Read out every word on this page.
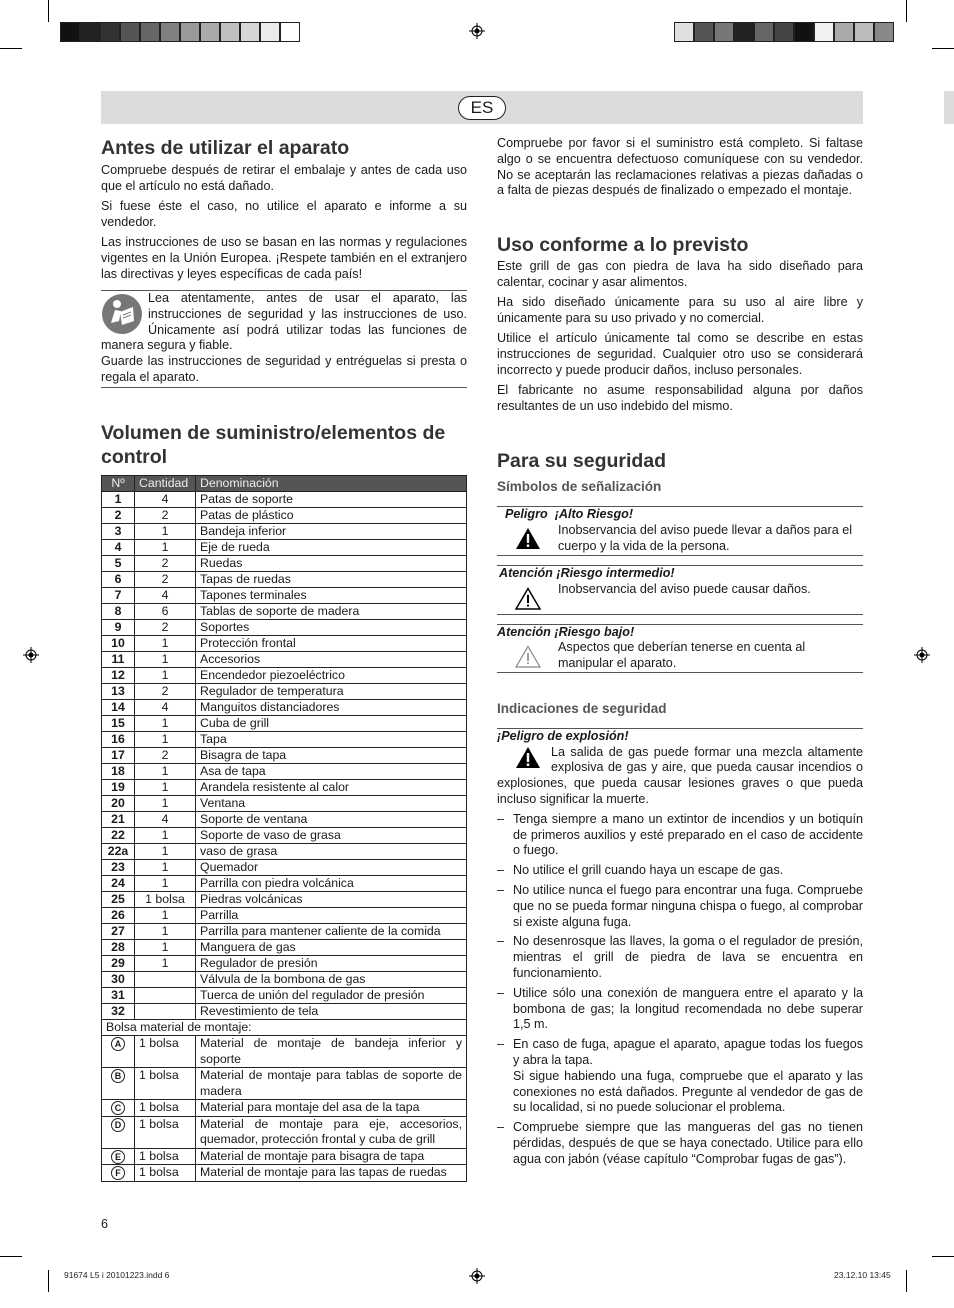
ES
Antes de utilizar el aparato

Compruebe después de retirar el embalaje y antes de cada uso que el artículo no está dañado.

Si fuese éste el caso, no utilice el aparato e informe a su vendedor.

Las instrucciones de uso se basan en las normas y regulaciones vigentes en la Unión Europea. ¡Respete también en el extranjero las directivas y leyes específicas de cada país!

Lea atentamente, antes de usar el aparato, las instrucciones de seguridad y las instrucciones de uso. Únicamente así podrá utilizar todas las funciones de manera segura y fiable.
Guarde las instrucciones de seguridad y entréguelas si presta o regala el aparato.
Volumen de suministro/elementos de control
Nº	Cantidad	Denominación
1	4	Patas de soporte
2	2	Patas de plástico
3	1	Bandeja inferior
4	1	Eje de rueda
5	2	Ruedas
6	2	Tapas de ruedas
7	4	Tapones terminales
8	6	Tablas de soporte de madera
9	2	Soportes
10	1	Protección frontal
11	1	Accesorios
12	1	Encendedor piezoeléctrico
13	2	Regulador de temperatura
14	4	Manguitos distanciadores
15	1	Cuba de grill
16	1	Tapa
17	2	Bisagra de tapa
18	1	Asa de tapa
19	1	Arandela resistente al calor
20	1	Ventana
21	4	Soporte de ventana
22	1	Soporte de vaso de grasa
22a	1	vaso de grasa
23	1	Quemador
24	1	Parrilla con piedra volcánica
25	1 bolsa	Piedras volcánicas
26	1	Parrilla
27	1	Parrilla para mantener caliente de la comida
28	1	Manguera de gas
29	1	Regulador de presión
30		Válvula de la bombona de gas
31		Tuerca de unión del regulador de presión
32		Revestimiento de tela
Bolsa material de montaje:		
A	1 bolsa	Material de montaje de bandeja inferior y soporte
B	1 bolsa	Material de montaje para tablas de soporte de madera
C	1 bolsa	Material para montaje del asa de la tapa
D	1 bolsa	Material de montaje para eje, accesorios, quemador, protección frontal y cuba de grill
E	1 bolsa	Material de montaje para bisagra de tapa
F	1 bolsa	Material de montaje para las tapas de ruedas
6

Compruebe por favor si el suministro está completo. Si faltase algo o se encuentra defectuoso comuníquese con su vendedor. No se aceptarán las reclamaciones relativas a piezas dañadas o a falta de piezas después de finalizado o empezado el montaje.

Uso conforme a lo previsto

Este grill de gas con piedra de lava ha sido diseñado para calentar, cocinar y asar alimentos.

Ha sido diseñado únicamente para su uso al aire libre y únicamente para su uso privado y no comercial.

Utilice el artículo únicamente tal como se describe en estas instrucciones de seguridad. Cualquier otro uso se considerará incorrecto y puede producir daños, incluso personales.

El fabricante no asume responsabilidad alguna por daños resultantes de un uso indebido del mismo.

Para su seguridad
Símbolos de señalización
Peligro ¡Alto Riesgo!
Inobservancia del aviso puede llevar a daños para el cuerpo y la vida de la persona.
Atención ¡Riesgo intermedio!
Inobservancia del aviso puede causar daños.
Atención ¡Riesgo bajo!
Aspectos que deberían tenerse en cuenta al manipular el aparato.
Indicaciones de seguridad
¡Peligro de explosión!
La salida de gas puede formar una mezcla altamente explosiva de gas y aire, que pueda causar incendios o explosiones, que pueda causar lesiones graves o que pueda incluso significar la muerte.
– Tenga siempre a mano un extintor de incendios y un botiquín de primeros auxilios y esté preparado en el caso de accidente o fuego.
– No utilice el grill cuando haya un escape de gas.
– No utilice nunca el fuego para encontrar una fuga. Compruebe que no se pueda formar ninguna chispa o fuego, al comprobar si existe alguna fuga.
– No desenrosque las llaves, la goma o el regulador de presión, mientras el grill de piedra de lava se encuentra en funcionamiento.
– Utilice sólo una conexión de manguera entre el aparato y la bombona de gas; la longitud recomendada no debe superar 1,5 m.
– En caso de fuga, apague el aparato, apague todas los fuegos y abra la tapa.
Si sigue habiendo una fuga, compruebe que el aparato y las conexiones no está dañados. Pregunte al vendedor de gas de su localidad, si no puede solucionar el problema.
– Compruebe siempre que las mangueras del gas no tienen pérdidas, después de que se haya conectado. Utilice para ello agua con jabón (véase capítulo “Comprobar fugas de gas”).
91674 L5 i 20101223.indd 6	23.12.10 13:45
